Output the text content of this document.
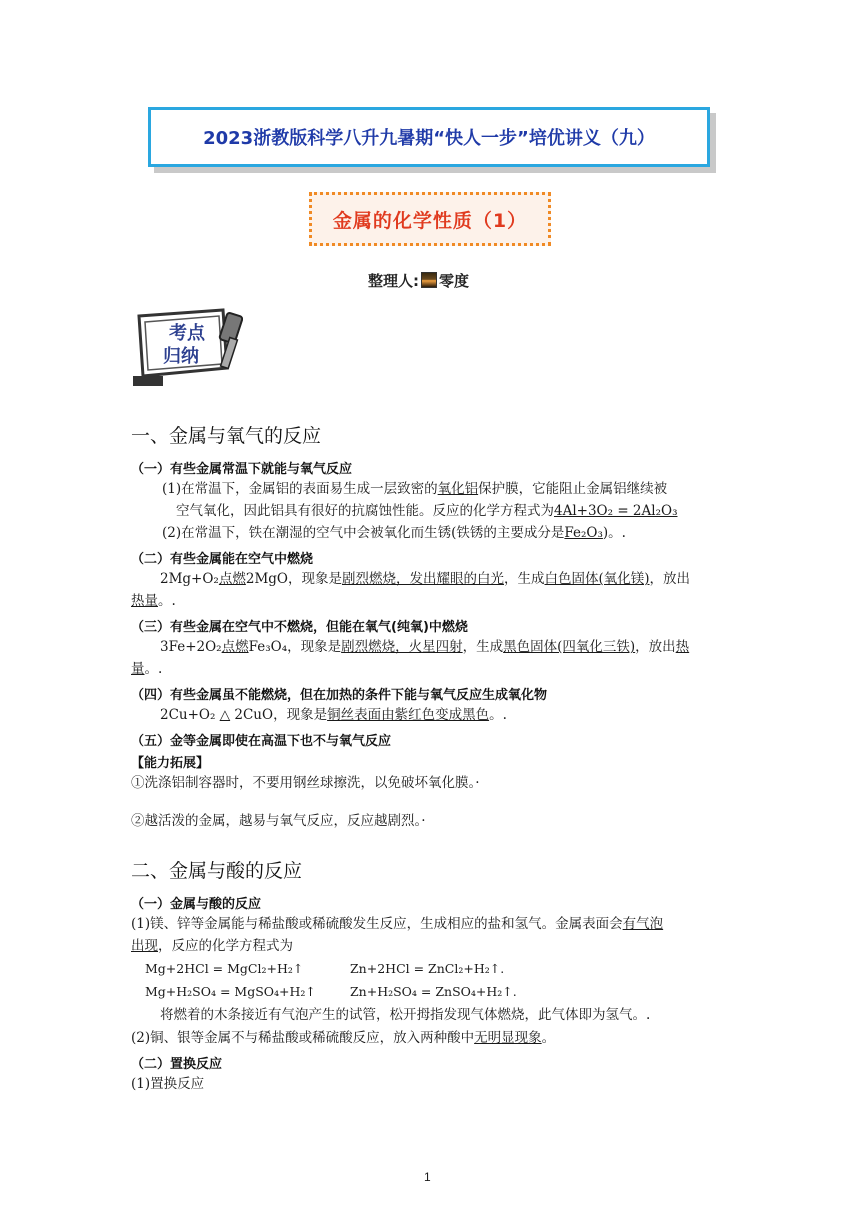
2023浙教版科学八升九暑期“快人一步”培优讲义（九）
金属的化学性质（1）
整理人: 零度
考点
归纳
一、金属与氧气的反应
（一）有些金属常温下就能与氧气反应
(1)在常温下，金属铝的表面易生成一层致密的氧化铝保护膜，它能阻止金属铝继续被
空气氧化，因此铝具有很好的抗腐蚀性能。反应的化学方程式为4Al+3O₂ = 2Al₂O₃
(2)在常温下，铁在潮湿的空气中会被氧化而生锈(铁锈的主要成分是Fe₂O₃)。.
（二）有些金属能在空气中燃烧
2Mg+O₂点燃2MgO，现象是剧烈燃烧，发出耀眼的白光，生成白色固体(氧化镁)，放出
热量。.
（三）有些金属在空气中不燃烧，但能在氧气(纯氧)中燃烧
3Fe+2O₂点燃Fe₃O₄，现象是剧烈燃烧，火星四射，生成黑色固体(四氧化三铁)，放出热
量。.
（四）有些金属虽不能燃烧，但在加热的条件下能与氧气反应生成氧化物
2Cu+O₂ △ 2CuO，现象是铜丝表面由紫红色变成黑色。.
（五）金等金属即使在高温下也不与氧气反应
【能力拓展】
①洗涤铝制容器时，不要用钢丝球擦洗，以免破坏氧化膜。·
②越活泼的金属，越易与氧气反应，反应越剧烈。·
二、金属与酸的反应
（一）金属与酸的反应
(1)镁、锌等金属能与稀盐酸或稀硫酸发生反应，生成相应的盐和氢气。金属表面会有气泡
出现，反应的化学方程式为
Mg+2HCl = MgCl₂+H₂↑	Zn+2HCl = ZnCl₂+H₂↑.
Mg+H₂SO₄ = MgSO₄+H₂↑	Zn+H₂SO₄ = ZnSO₄+H₂↑.
将燃着的木条接近有气泡产生的试管，松开拇指发现气体燃烧，此气体即为氢气。.
(2)铜、银等金属不与稀盐酸或稀硫酸反应，放入两种酸中无明显现象。
（二）置换反应
(1)置换反应
1
